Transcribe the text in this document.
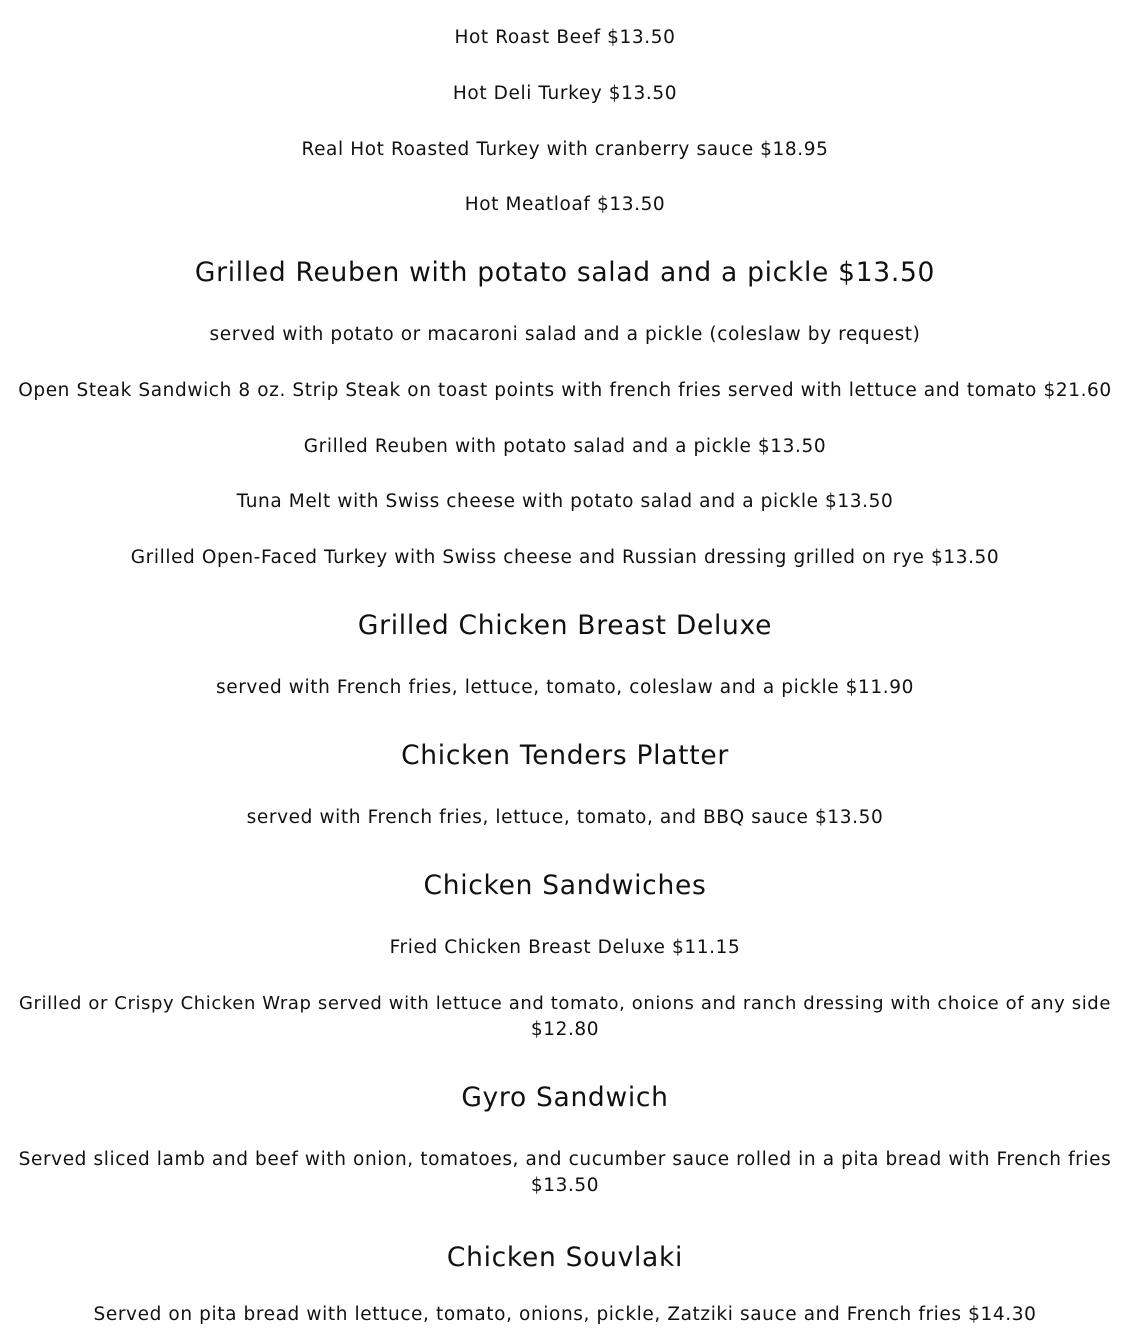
Hot Roast Beef $13.50
Hot Deli Turkey $13.50
Real Hot Roasted Turkey with cranberry sauce $18.95
Hot Meatloaf $13.50
Grilled Reuben with potato salad and a pickle $13.50
served with potato or macaroni salad and a pickle (coleslaw by request)
Open Steak Sandwich 8 oz. Strip Steak on toast points with french fries served with lettuce and tomato $21.60
Grilled Reuben with potato salad and a pickle $13.50
Tuna Melt with Swiss cheese with potato salad and a pickle $13.50
Grilled Open-Faced Turkey with Swiss cheese and Russian dressing grilled on rye $13.50
Grilled Chicken Breast Deluxe
served with French fries, lettuce, tomato, coleslaw and a pickle $11.90
Chicken Tenders Platter
served with French fries, lettuce, tomato, and BBQ sauce $13.50
Chicken Sandwiches
Fried Chicken Breast Deluxe $11.15
Grilled or Crispy Chicken Wrap served with lettuce and tomato, onions and ranch dressing with choice of any side
$12.80
Gyro Sandwich
Served sliced lamb and beef with onion, tomatoes, and cucumber sauce rolled in a pita bread with French fries
$13.50
Chicken Souvlaki
Served on pita bread with lettuce, tomato, onions, pickle, Zatziki sauce and French fries $14.30
